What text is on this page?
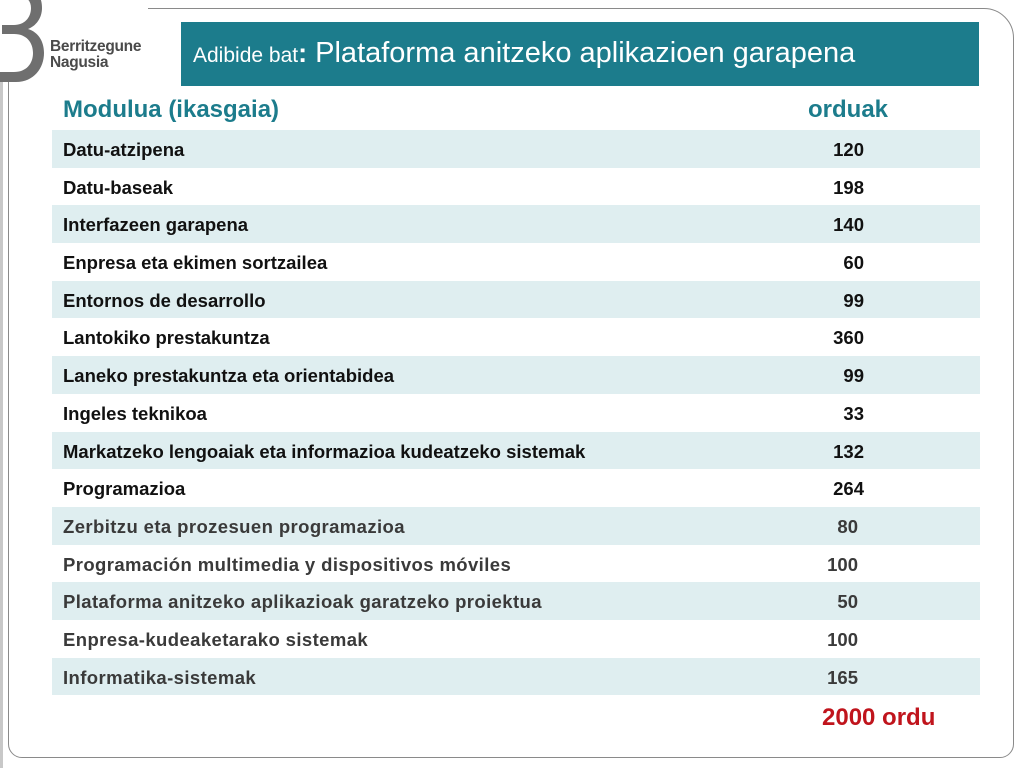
Berritzegune
Nagusia	Adibide bat: Plataforma anitzeko aplikazioen garapena
Modulua (ikasgaia)	orduak
Datu-atzipena	120
Datu-baseak	198
Interfazeen garapena	140
Enpresa eta ekimen sortzailea	60
Entornos de desarrollo	99
Lantokiko prestakuntza	360
Laneko prestakuntza eta orientabidea	99
Ingeles teknikoa	33
Markatzeko lengoaiak eta informazioa kudeatzeko sistemak	132
Programazioa	264
Zerbitzu eta prozesuen programazioa	80
Programación multimedia y dispositivos móviles	100
Plataforma anitzeko aplikazioak garatzeko proiektua	50
Enpresa-kudeaketarako sistemak	100
Informatika-sistemak	165
2000 ordu
